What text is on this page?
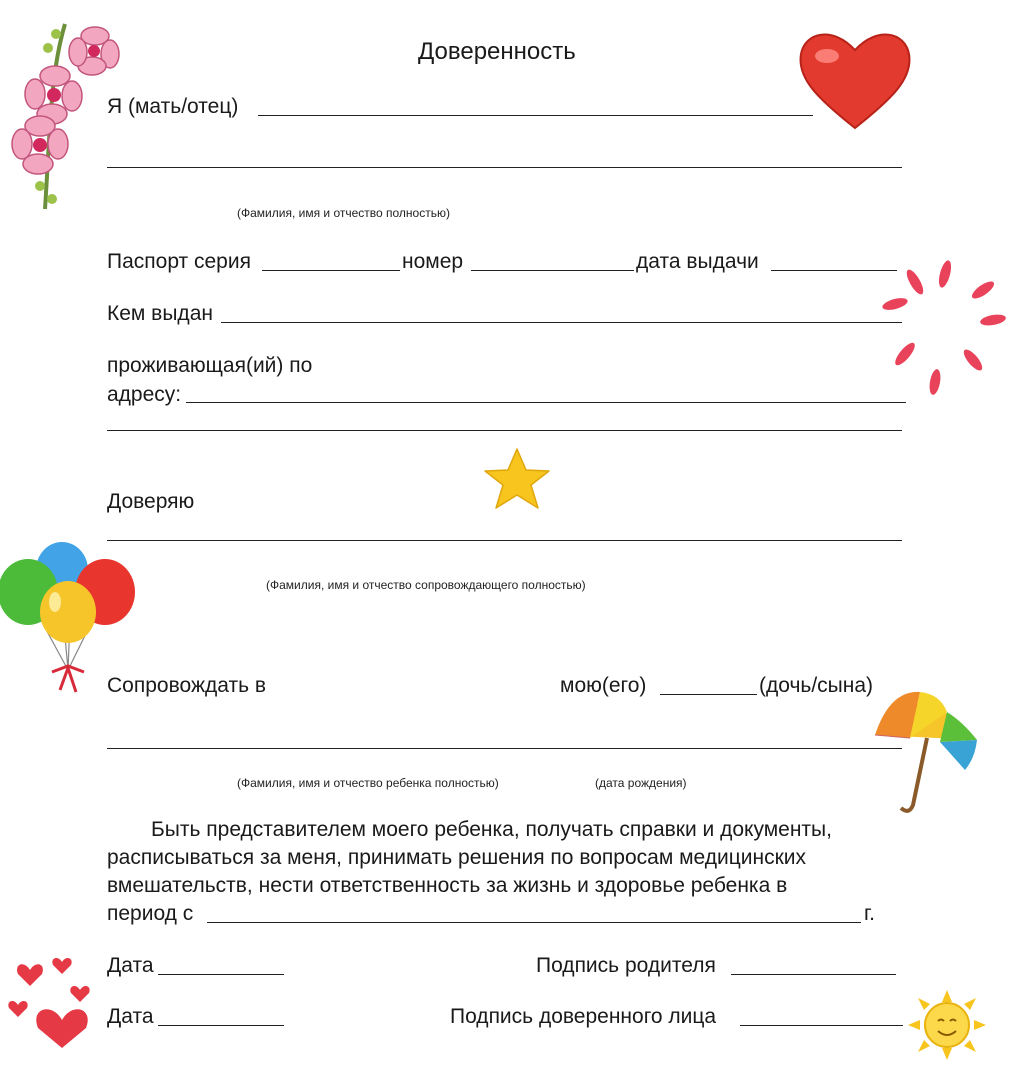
Доверенность
Я (мать/отец)
(Фамилия, имя и отчество полностью)
Паспорт серия	номер	дата выдачи
Кем выдан
проживающая(ий) по
адресу:
Доверяю
(Фамилия, имя и отчество сопровождающего полностью)
Сопровождать в	мою(его)	(дочь/сына)
(Фамилия, имя и отчество ребенка полностью)	(дата рождения)
Быть представителем моего ребенка, получать справки и документы,
расписываться за меня, принимать решения по вопросам медицинских
вмешательств, нести ответственность за жизнь и здоровье ребенка в
период с	г.
Дата	Подпись родителя
Дата	Подпись доверенного лица
